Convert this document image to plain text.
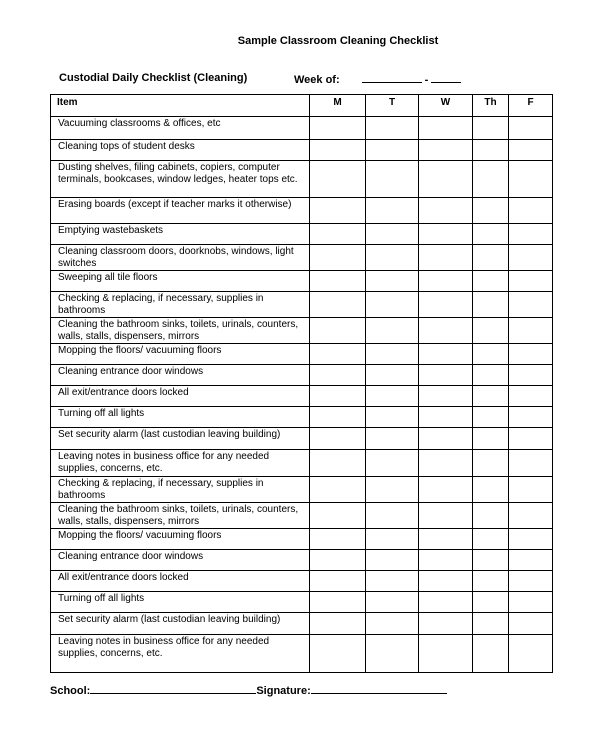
Sample Classroom Cleaning Checklist
Custodial Daily Checklist (Cleaning)	Week of:	-
Item	M	T	W	Th	F
Vacuuming classrooms & offices, etc					
Cleaning tops of student desks					
Dusting shelves, filing cabinets, copiers, computer terminals, bookcases, window ledges, heater tops etc.					
Erasing boards (except if teacher marks it otherwise)					
Emptying wastebaskets					
Cleaning classroom doors, doorknobs, windows, light switches					
Sweeping all tile floors					
Checking & replacing, if necessary, supplies in bathrooms					
Cleaning the bathroom sinks, toilets, urinals, counters, walls, stalls, dispensers, mirrors					
Mopping the floors/ vacuuming floors					
Cleaning entrance door windows					
All exit/entrance doors locked					
Turning off all lights					
Set security alarm (last custodian leaving building)					
Leaving notes in business office for any needed supplies, concerns, etc.					
Checking & replacing, if necessary, supplies in bathrooms					
Cleaning the bathroom sinks, toilets, urinals, counters, walls, stalls, dispensers, mirrors					
Mopping the floors/ vacuuming floors					
Cleaning entrance door windows					
All exit/entrance doors locked					
Turning off all lights					
Set security alarm (last custodian leaving building)					
Leaving notes in business office for any needed supplies, concerns, etc.					
School:	Signature:
